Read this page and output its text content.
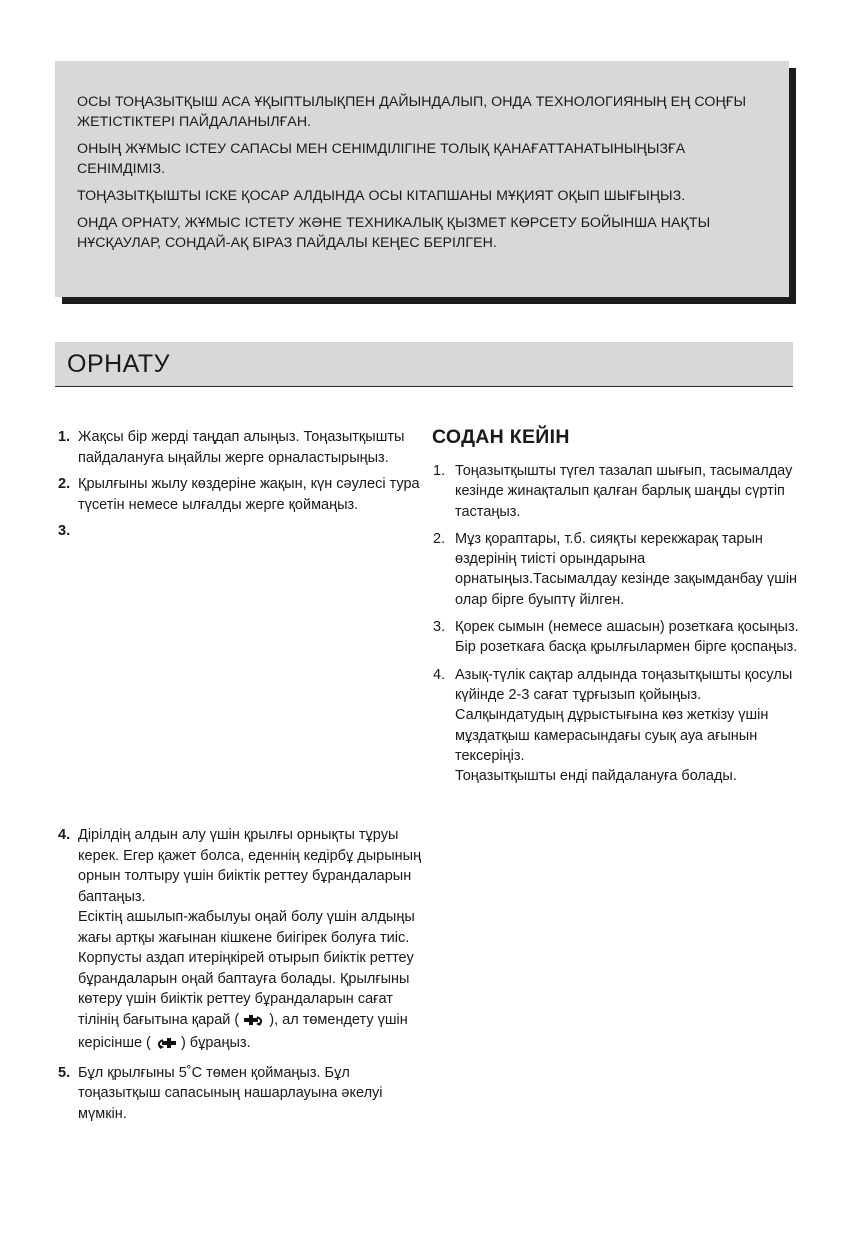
ОСЫ ТОҢАЗЫТҚЫШ АСА ҰҚЫПТЫЛЫҚПЕН ДАЙЫНДАЛЫП, ОНДА ТЕХНОЛОГИЯНЫҢ ЕҢ СОҢҒЫ ЖЕТІСТІКТЕРІ ПАЙДАЛАНЫЛҒАН.

ОНЫҢ ЖҰМЫС ІСТЕУ САПАСЫ МЕН СЕНІМДІЛІГІНЕ ТОЛЫҚ ҚАНАҒАТТАНАТЫНЫҢЫЗҒА СЕНІМДІМІЗ.

ТОҢАЗЫТҚЫШТЫ ІСКЕ ҚОСАР АЛДЫНДА ОСЫ КІТАПШАНЫ МҰҚИЯТ ОҚЫП ШЫҒЫҢЫЗ.

ОНДА ОРНАТУ, ЖҰМЫС ІСТЕТУ ЖӘНЕ ТЕХНИКАЛЫҚ ҚЫЗМЕТ КӨРСЕТУ БОЙЫНША НАҚТЫ НҰСҚАУЛАР, СОНДАЙ-АҚ БІРАЗ ПАЙДАЛЫ КЕҢЕС БЕРІЛГЕН.

ОРНАТУ
1. Жақсы бір жерді таңдап алыңыз. Тоңазытқышты пайдалануға ыңайлы жерге орналастырыңыз.
2. Қрылғыны жылу көздеріне жақын, күн сәулесі тура түсетін немесе ылғалды жерге қоймаңыз.
3.
4. Дірілдің алдын алу үшін қрылғы орнықты тұруы керек. Егер қажет болса, еденнің кедірбұ дырының орнын толтыру үшін биіктік реттеу бұрандаларын баптаңыз.

Есіктің ашылып-жабылуы оңай болу үшін алдыңы жағы артқы жағынан кішкене биігірек болуға тиіс.

Корпусты аздап итеріңкірей отырып биіктік реттеу бұрандаларын оңай баптауға болады. Қрылғыны көтеру үшін биіктік реттеу бұрандаларын сағат тілінің бағытына қарай ( ), ал төмендету үшін керісінше ( ) бұраңыз.

5. Бұл қрылғыны 5˚C төмен қоймаңыз. Бұл тоңазытқыш сапасының нашарлауына әкелуі мүмкін.
СОДАН КЕЙІН
1. Тоңазытқышты түгел тазалап шығып, тасымалдау кезінде жинақталып қалған барлық шаңды сүртіп тастаңыз.
2. Мұз қораптары, т.б. сияқты керекжарақ тарын өздерінің тиісті орындарына орнатыңыз.Тасымалдау кезінде зақымданбау үшін олар бірге буыптү йілген.
3. Қорек сымын (немесе ашасын) розеткаға қосыңыз. Бір розеткаға басқа қрылғылармен бірге қоспаңыз.
4. Азық-түлік сақтар алдында тоңазытқышты қосулы күйінде 2-3 сағат тұрғызып қойыңыз.

Салқындатудың дұрыстығына көз жеткізу үшін мұздатқыш камерасындағы суық ауа ағынын тексеріңіз.

Тоңазытқышты енді пайдалануға болады.
